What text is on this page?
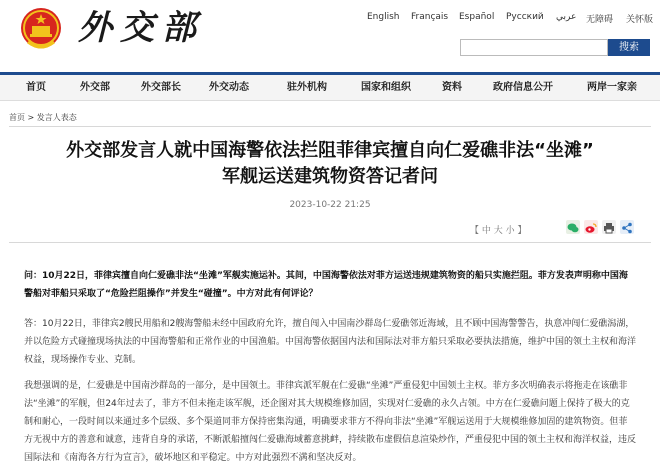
外交部	English Français Español Русский عربي 无障碍 关怀版
搜索
首页	外交部	外交部长	外交动态	驻外机构	国家和组织	资料	政府信息公开	两岸一家亲
首页 > 发言人表态
外交部发言人就中国海警依法拦阻菲律宾擅自向仁爱礁非法“坐滩”
军舰运送建筑物资答记者问
2023-10-22 21:25
【 中 大 小 】

问：10月22日，菲律宾擅自向仁爱礁非法“坐滩”军舰实施运补。其间，中国海警依法对菲方运送违规建筑物资的船只实施拦阻。菲方发表声明称中国海警船对菲船只采取了“危险拦阻操作”并发生“碰撞”。中方对此有何评论？

答：10月22日，菲律宾2艘民用船和2艘海警船未经中国政府允许，擅自闯入中国南沙群岛仁爱礁邻近海域，且不顾中国海警警告，执意冲闯仁爱礁潟湖，并以危险方式碰撞现场执法的中国海警船和正常作业的中国渔船。中国海警依据国内法和国际法对菲方船只采取必要执法措施，维护中国的领土主权和海洋权益，现场操作专业、克制。

我想强调的是，仁爱礁是中国南沙群岛的一部分，是中国领土。菲律宾派军舰在仁爱礁“坐滩”严重侵犯中国领土主权。菲方多次明确表示将拖走在该礁非法“坐滩”的军舰，但24年过去了，菲方不但未拖走该军舰，还企图对其大规模维修加固，实现对仁爱礁的永久占领。中方在仁爱礁问题上保持了极大的克制和耐心，一段时间以来通过多个层级、多个渠道同菲方保持密集沟通，明确要求菲方不得向非法“坐滩”军舰运送用于大规模维修加固的建筑物资。但菲方无视中方的善意和诚意，违背自身的承诺，不断派船擅闯仁爱礁海域蓄意挑衅，持续散布虚假信息渲染炒作，严重侵犯中国的领土主权和海洋权益，违反国际法和《南海各方行为宣言》，破坏地区和平稳定。中方对此强烈不满和坚决反对。
